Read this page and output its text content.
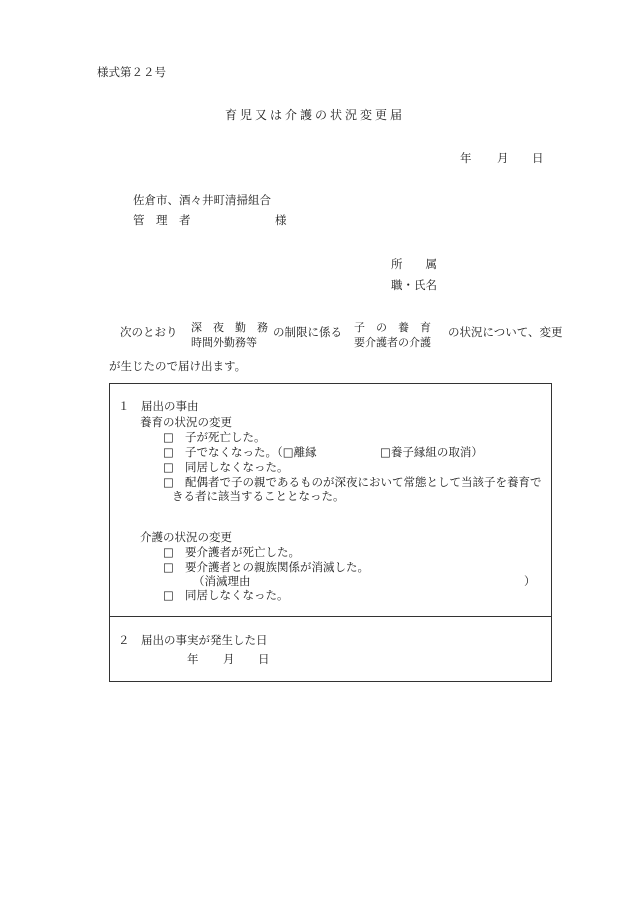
様式第２２号
育児又は介護の状況変更届
年 月 日
佐倉市、酒々井町清掃組合
管　理　者	様
所　　属
職・氏名
次のとおり 深　夜　勤　務
時間外勤務等
の制限に係る 子　の　養　育
要介護者の介護
の状況について、変更
が生じたので届け出ます。
１　届出の事由
養育の状況の変更
□ 子が死亡した。
□ 子でなくなった。（□離縁	□養子縁組の取消）
□ 同居しなくなった。
□ 配偶者で子の親であるものが深夜において常態として当該子を養育で
きる者に該当することとなった。
介護の状況の変更
□ 要介護者が死亡した。
□ 要介護者との親族関係が消滅した。
（消滅理由	）
□ 同居しなくなった。
２　届出の事実が発生した日
年 月 日
